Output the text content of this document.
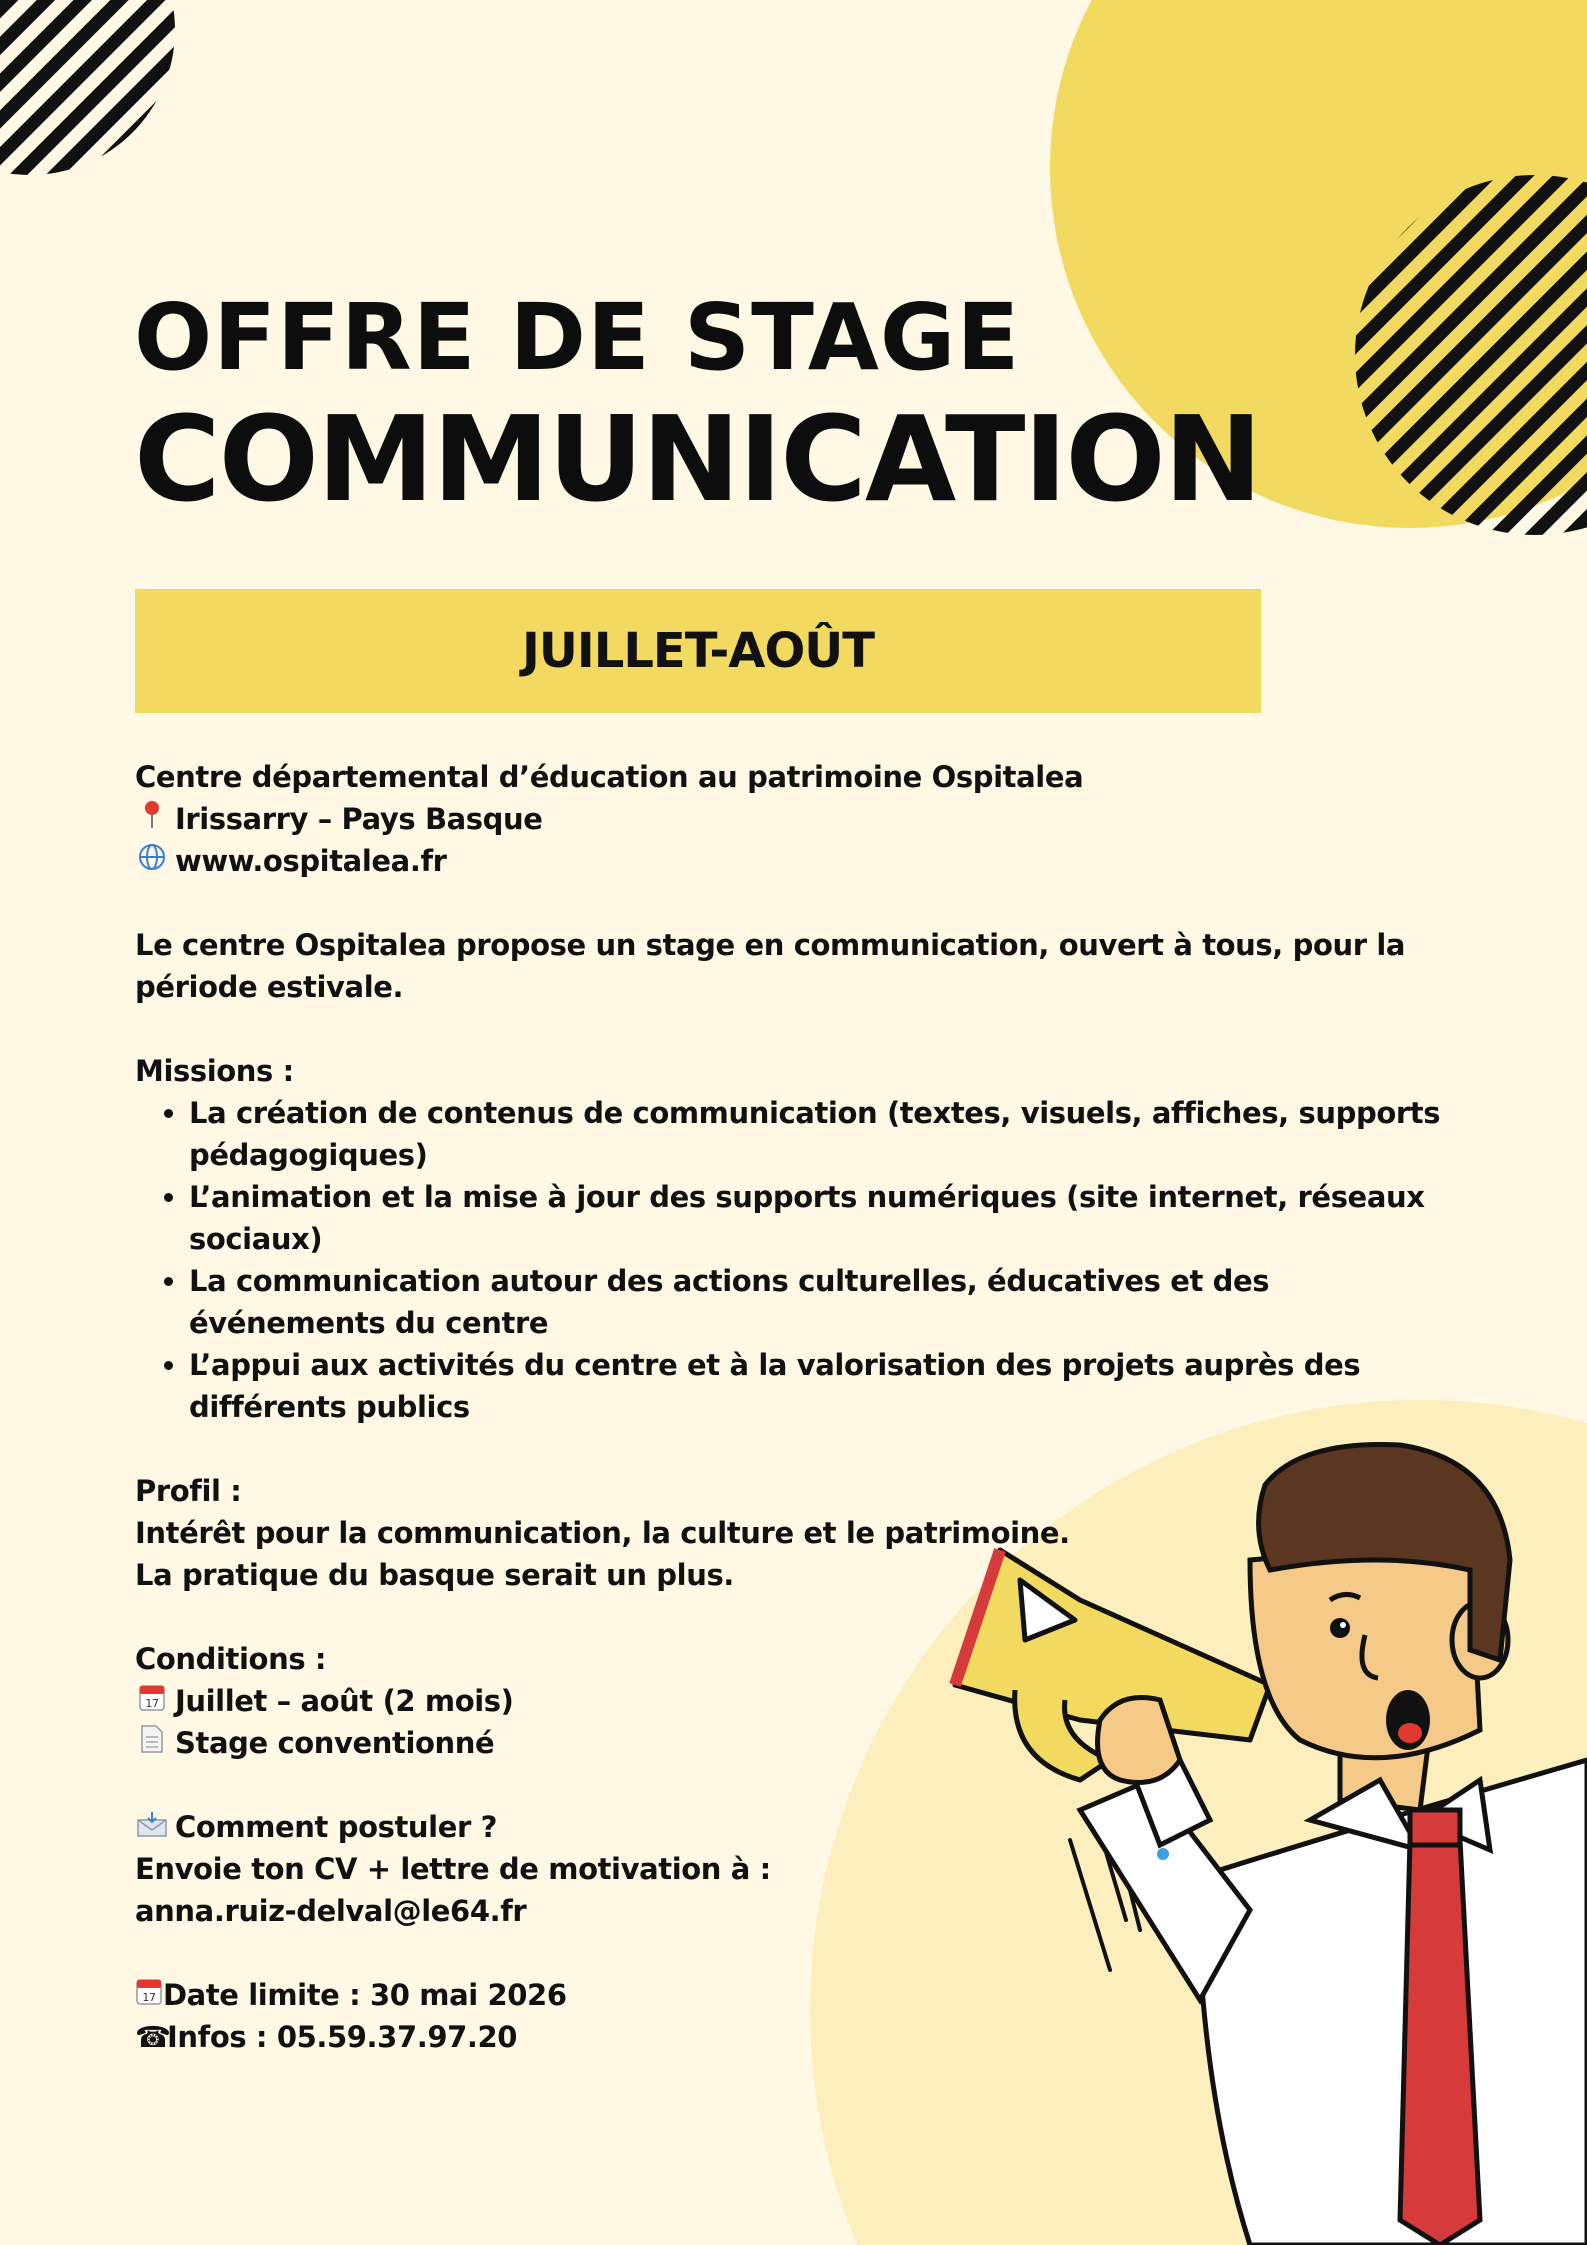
OFFRE DE STAGE
COMMUNICATION
JUILLET-AOÛT

Centre départemental d’éducation au patrimoine Ospitalea

Irissarry – Pays Basque

www.ospitalea.fr

Le centre Ospitalea propose un stage en communication, ouvert à tous, pour la période estivale.

Missions :

• La création de contenus de communication (textes, visuels, affiches, supports pédagogiques)
• L’animation et la mise à jour des supports numériques (site internet, réseaux sociaux)
• La communication autour des actions culturelles, éducatives et des événements du centre
• L’appui aux activités du centre et à la valorisation des projets auprès des différents publics

Profil :

Intérêt pour la communication, la culture et le patrimoine.

La pratique du basque serait un plus.

Conditions :

17 Juillet – août (2 mois)

Stage conventionné

Comment postuler ?

Envoie ton CV + lettre de motivation à :

anna.ruiz-delval@le64.fr

17 Date limite : 30 mai 2026

☎Infos : 05.59.37.97.20
